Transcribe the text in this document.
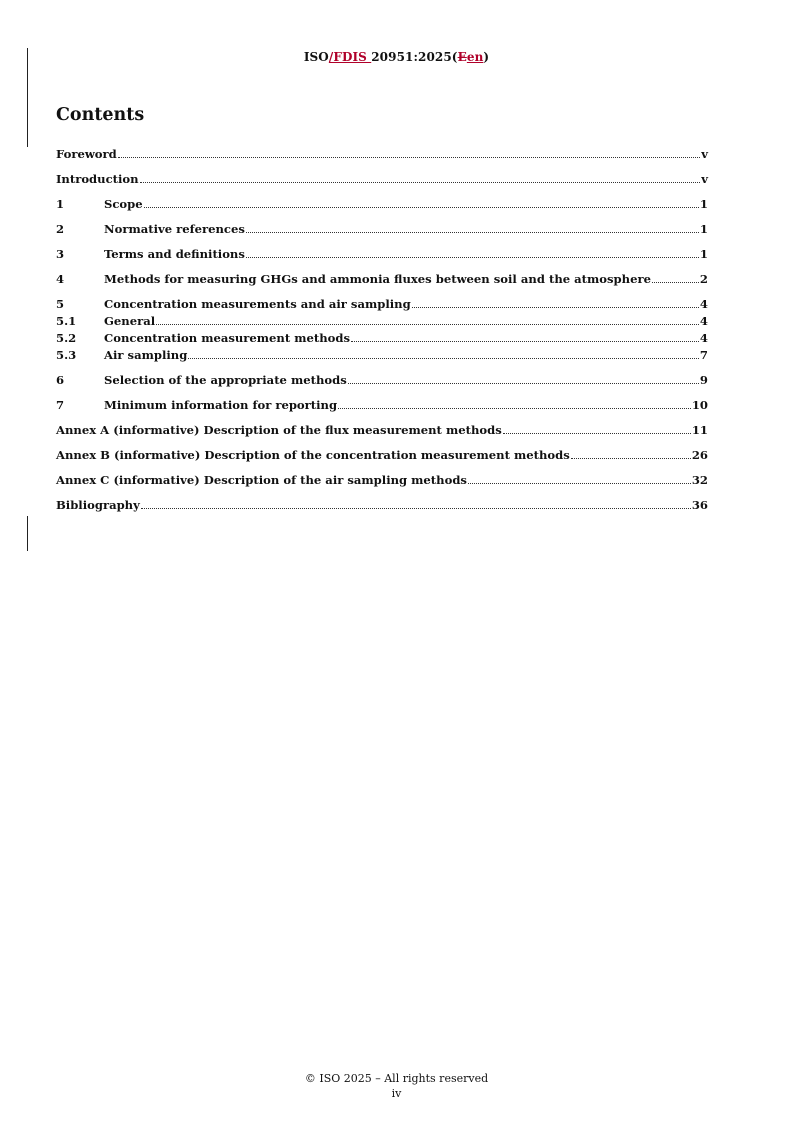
ISO/FDIS 20951:2025(Een)
Contents
Foreword	v
Introduction	v
1	Scope	1
2	Normative references	1
3	Terms and definitions	1
4	Methods for measuring GHGs and ammonia fluxes between soil and the atmosphere	2
5	Concentration measurements and air sampling	4
5.1	General	4
5.2	Concentration measurement methods	4
5.3	Air sampling	7
6	Selection of the appropriate methods	9
7	Minimum information for reporting	10
Annex A (informative) Description of the flux measurement methods	11
Annex B (informative) Description of the concentration measurement methods	26
Annex C (informative) Description of the air sampling methods	32
Bibliography	36
© ISO 2025 – All rights reserved
iv
